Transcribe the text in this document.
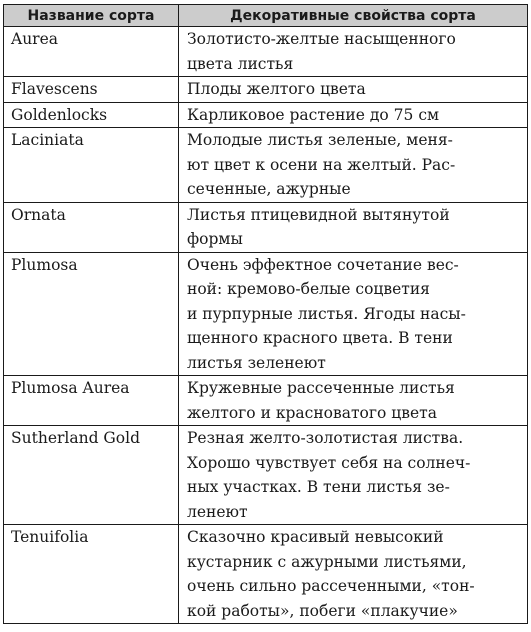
Название сорта	Декоративные свойства сорта
Aurea	Золотисто-желтые насыщенного
цвета листья

Flavescens	Плоды желтого цвета

Goldenlocks	Карликовое растение до 75 см

Laciniata	Молодые листья зеленые, меня-
ют цвет к осени на желтый. Рас-
сеченные, ажурные

Ornata	Листья птицевидной вытянутой
формы

Plumosa	Очень эффектное сочетание вес-
ной: кремово-белые соцветия
и пурпурные листья. Ягоды насы-
щенного красного цвета. В тени
листья зеленеют

Plumosa Aurea	Кружевные рассеченные листья
желтого и красноватого цвета

Sutherland Gold	Резная желто-золотистая листва.
Хорошо чувствует себя на солнеч-
ных участках. В тени листья зе-
ленеют

Tenuifolia	Сказочно красивый невысокий
кустарник с ажурными листьями,
очень сильно рассеченными, «тон-
кой работы», побеги «плакучие»
